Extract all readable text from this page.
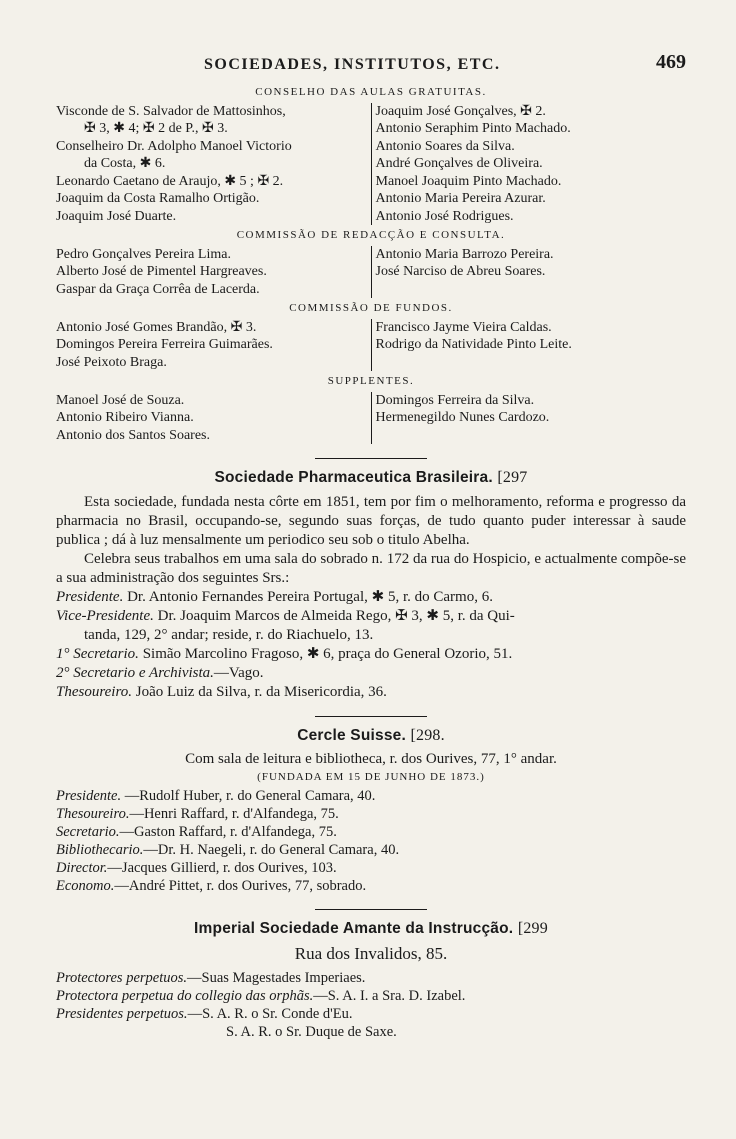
SOCIEDADES, INSTITUTOS, ETC.	469
CONSELHO DAS AULAS GRATUITAS.
Visconde de S. Salvador de Mattosinhos,
✠ 3, ✱ 4; ✠ 2 de P., ✠ 3.
Conselheiro Dr. Adolpho Manoel Victorio
da Costa, ✱ 6.
Leonardo Caetano de Araujo, ✱ 5 ; ✠ 2.
Joaquim da Costa Ramalho Ortigão.
Joaquim José Duarte.
Joaquim José Gonçalves, ✠ 2.
Antonio Seraphim Pinto Machado.
Antonio Soares da Silva.
André Gonçalves de Oliveira.
Manoel Joaquim Pinto Machado.
Antonio Maria Pereira Azurar.
Antonio José Rodrigues.
COMMISSÃO DE REDACÇÃO E CONSULTA.
Pedro Gonçalves Pereira Lima.
Alberto José de Pimentel Hargreaves.
Gaspar da Graça Corrêa de Lacerda.
Antonio Maria Barrozo Pereira.
José Narciso de Abreu Soares.

COMMISSÃO DE FUNDOS.
Antonio José Gomes Brandão, ✠ 3.
Domingos Pereira Ferreira Guimarães.
José Peixoto Braga.
Francisco Jayme Vieira Caldas.
Rodrigo da Natividade Pinto Leite.

SUPPLENTES.
Manoel José de Souza.
Antonio Ribeiro Vianna.
Antonio dos Santos Soares.
Domingos Ferreira da Silva.
Hermenegildo Nunes Cardozo.

Sociedade Pharmaceutica Brasileira. [297

Esta sociedade, fundada nesta côrte em 1851, tem por fim o melhoramento, reforma e progresso da pharmacia no Brasil, occupando-se, segundo suas forças, de tudo quanto puder interessar à saude publica ; dá à luz mensalmente um periodico seu sob o titulo Abelha.

Celebra seus trabalhos em uma sala do sobrado n. 172 da rua do Hospicio, e actualmente compõe-se a sua administração dos seguintes Srs.:

Presidente. Dr. Antonio Fernandes Pereira Portugal, ✱ 5, r. do Carmo, 6.

Vice-Presidente. Dr. Joaquim Marcos de Almeida Rego, ✠ 3, ✱ 5, r. da Qui-
tanda, 129, 2° andar; reside, r. do Riachuelo, 13.

1° Secretario. Simão Marcolino Fragoso, ✱ 6, praça do General Ozorio, 51.

2° Secretario e Archivista.—Vago.

Thesoureiro. João Luiz da Silva, r. da Misericordia, 36.

Cercle Suisse. [298.
Com sala de leitura e bibliotheca, r. dos Ourives, 77, 1° andar.
(FUNDADA EM 15 DE JUNHO DE 1873.)

Presidente. —Rudolf Huber, r. do General Camara, 40.

Thesoureiro.—Henri Raffard, r. d'Alfandega, 75.

Secretario.—Gaston Raffard, r. d'Alfandega, 75.

Bibliothecario.—Dr. H. Naegeli, r. do General Camara, 40.

Director.—Jacques Gillierd, r. dos Ourives, 103.

Economo.—André Pittet, r. dos Ourives, 77, sobrado.

Imperial Sociedade Amante da Instrucção. [299
Rua dos Invalidos, 85.

Protectores perpetuos.—Suas Magestades Imperiaes.

Protectora perpetua do collegio das orphãs.—S. A. I. a Sra. D. Izabel.

Presidentes perpetuos.—S. A. R. o Sr. Conde d'Eu.

S. A. R. o Sr. Duque de Saxe.
